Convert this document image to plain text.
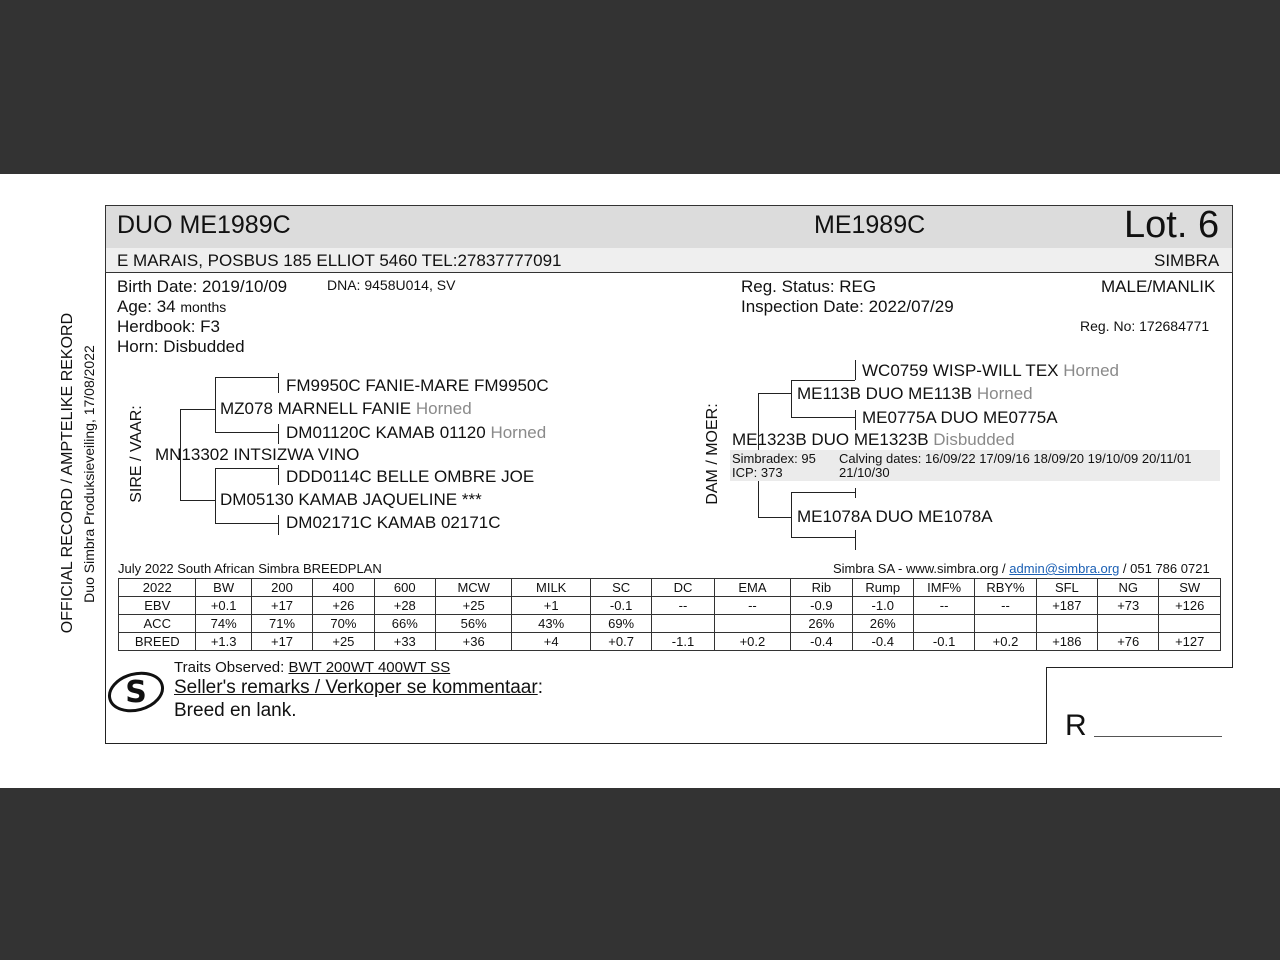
OFFICIAL RECORD / AMPTELIKE REKORD Duo Simbra Produksieveiling, 17/08/2022
DUO ME1989C	ME1989C	Lot. 6
E MARAIS, POSBUS 185 ELLIOT 5460 TEL:27837777091	SIMBRA
Birth Date: 2019/10/09	DNA: 9458U014, SV
Age: 34 months
Herdbook: F3
Horn: Disbudded
Reg. Status: REG
Inspection Date: 2022/07/29
MALE/MANLIK
Reg. No: 172684771
SIRE / VAAR:
FM9950C FANIE-MARE FM9950C
MZ078 MARNELL FANIE Horned
DM01120C KAMAB 01120 Horned
MN13302 INTSIZWA VINO
DDD0114C BELLE OMBRE JOE
DM05130 KAMAB JAQUELINE ***
DM02171C KAMAB 02171C
DAM / MOER:
WC0759 WISP-WILL TEX Horned
ME113B DUO ME113B Horned
ME0775A DUO ME0775A
ME1323B DUO ME1323B Disbudded
Simbradex: 95
ICP: 373
Calving dates: 16/09/22 17/09/16 18/09/20 19/10/09 20/11/01
21/10/30
ME1078A DUO ME1078A
July 2022 South African Simbra BREEDPLAN	Simbra SA - www.simbra.org / admin@simbra.org / 051 786 0721
2022	BW	200	400	600	MCW	MILK	SC	DC	EMA	Rib	Rump	IMF%	RBY%	SFL	NG	SW
EBV	+0.1	+17	+26	+28	+25	+1	-0.1	--	--	-0.9	-1.0	--	--	+187	+73	+126
ACC	74%	71%	70%	66%	56%	43%	69%			26%	26%					
BREED	+1.3	+17	+25	+33	+36	+4	+0.7	-1.1	+0.2	-0.4	-0.4	-0.1	+0.2	+186	+76	+127
S
Traits Observed: BWT 200WT 400WT SS
Seller's remarks / Verkoper se kommentaar:
Breed en lank.	R
